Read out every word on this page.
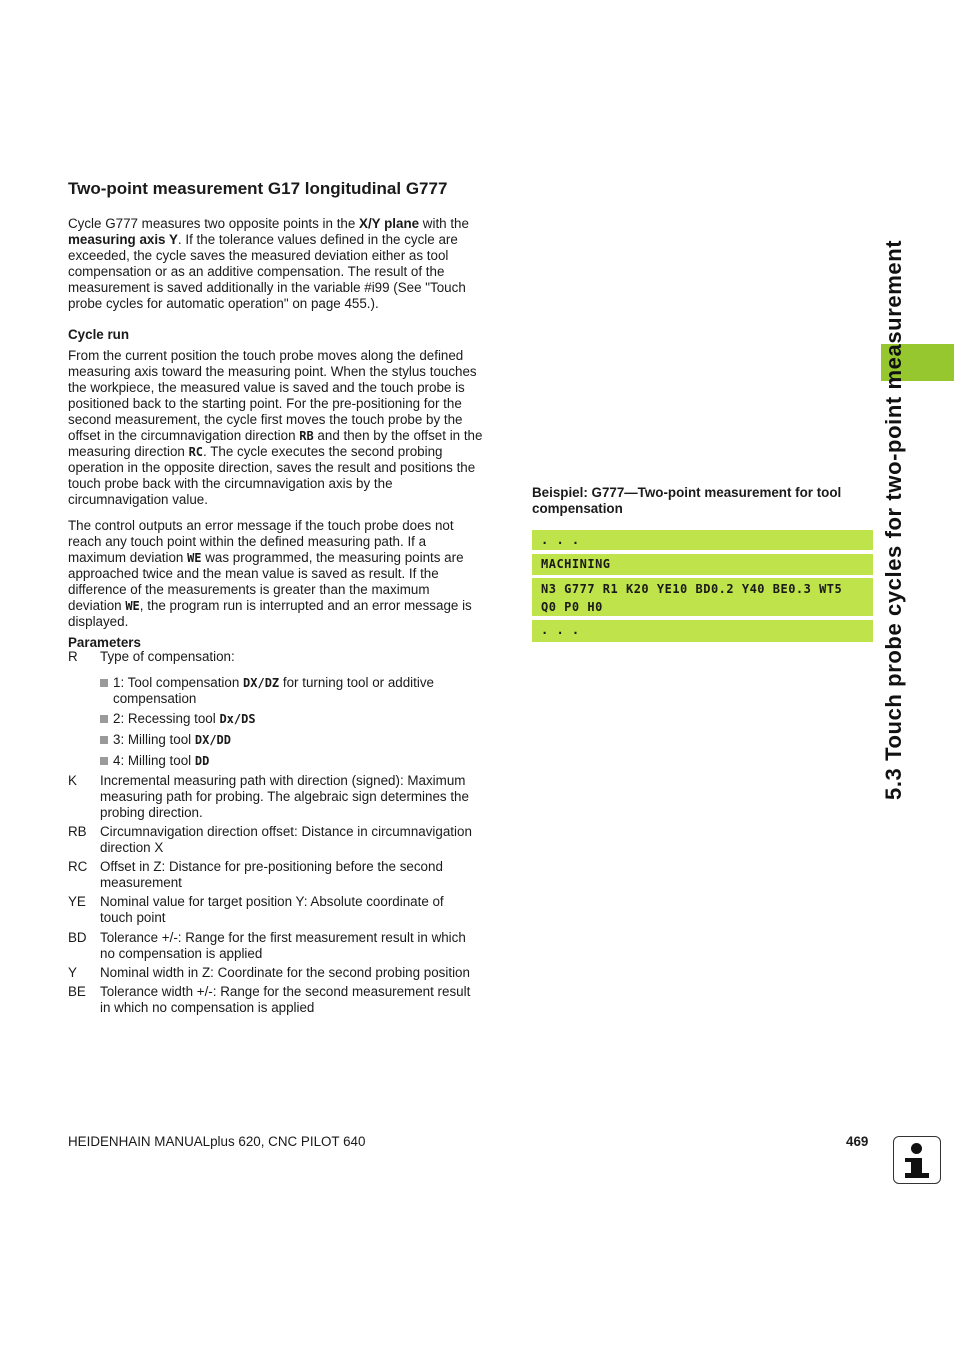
Two-point measurement G17 longitudinal G777

Cycle G777 measures two opposite points in the X/Y plane with the

measuring axis Y. If the tolerance values defined in the cycle are

exceeded, the cycle saves the measured deviation either as tool

compensation or as an additive compensation. The result of the

measurement is saved additionally in the variable #i99 (See "Touch

probe cycles for automatic operation" on page 455.).

Cycle run

From the current position the touch probe moves along the defined

measuring axis toward the measuring point. When the stylus touches

the workpiece, the measured value is saved and the touch probe is

positioned back to the starting point. For the pre-positioning for the

second measurement, the cycle first moves the touch probe by the

offset in the circumnavigation direction RB and then by the offset in the

measuring direction RC. The cycle executes the second probing

operation in the opposite direction, saves the result and positions the

touch probe back with the circumnavigation axis by the

circumnavigation value.

The control outputs an error message if the touch probe does not

reach any touch point within the defined measuring path. If a

maximum deviation WE was programmed, the measuring points are

approached twice and the mean value is saved as result. If the

difference of the measurements is greater than the maximum

deviation WE, the program run is interrupted and an error message is

displayed.

Parameters
R Type of compensation:
1: Tool compensation DX/DZ for turning tool or additive
compensation
2: Recessing tool Dx/DS
3: Milling tool DX/DD
4: Milling tool DD
K Incremental measuring path with direction (signed): Maximum
measuring path for probing. The algebraic sign determines the
probing direction.
RB Circumnavigation direction offset: Distance in circumnavigation
direction X
RC Offset in Z: Distance for pre-positioning before the second
measurement
YE Nominal value for target position Y: Absolute coordinate of
touch point
BD Tolerance +/-: Range for the first measurement result in which
no compensation is applied
Y Nominal width in Z: Coordinate for the second probing position
BE Tolerance width +/-: Range for the second measurement result
in which no compensation is applied
Beispiel: G777—Two-point measurement for tool
compensation
. . .
MACHINING
N3 G777 R1 K20 YE10 BD0.2 Y40 BE0.3 WT5
Q0 P0 H0
. . .	5.3 Touch probe cycles for two-point measurement
HEIDENHAIN MANUALplus 620, CNC PILOT 640	469
